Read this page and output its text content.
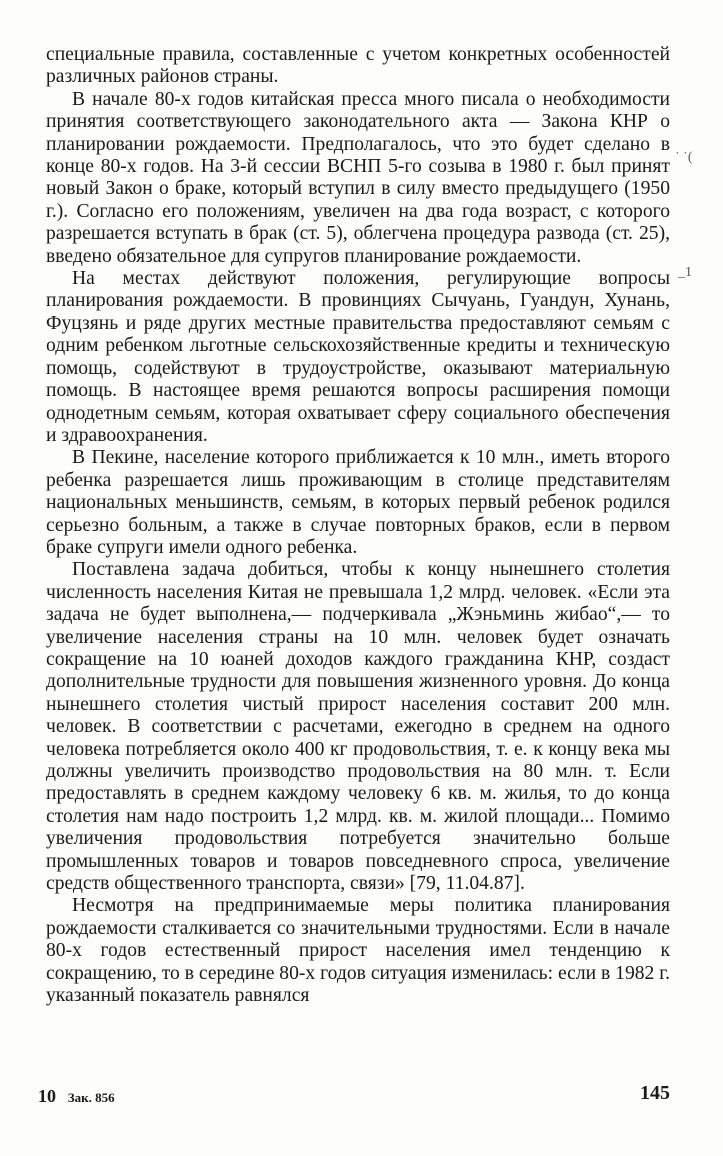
специальные правила, составленные с учетом конкретных особенностей различных районов страны.

В начале 80-х годов китайская пресса много писала о необходимости принятия соответствующего законодательного акта — Закона КНР о планировании рождаемости. Предполагалось, что это будет сделано в конце 80-х годов. На 3-й сессии ВСНП 5-го созыва в 1980 г. был принят новый Закон о браке, который вступил в силу вместо предыдущего (1950 г.). Согласно его положениям, увеличен на два года возраст, с которого разрешается вступать в брак (ст. 5), облегчена процедура развода (ст. 25), введено обязательное для супругов планирование рождаемости.

На местах действуют положения, регулирующие вопросы планирования рождаемости. В провинциях Сычуань, Гуандун, Хунань, Фуцзянь и ряде других местные правительства предоставляют семьям с одним ребенком льготные сельскохозяйственные кредиты и техническую помощь, содействуют в трудоустройстве, оказывают материальную помощь. В настоящее время решаются вопросы расширения помощи однодетным семьям, которая охватывает сферу социального обеспечения и здравоохранения.

В Пекине, население которого приближается к 10 млн., иметь второго ребенка разрешается лишь проживающим в столице представителям национальных меньшинств, семьям, в которых первый ребенок родился серьезно больным, а также в случае повторных браков, если в первом браке супруги имели одного ребенка.

Поставлена задача добиться, чтобы к концу нынешнего столетия численность населения Китая не превышала 1,2 млрд. человек. «Если эта задача не будет выполнена,— подчеркивала „Жэньминь жибао“,— то увеличение населения страны на 10 млн. человек будет означать сокращение на 10 юаней доходов каждого гражданина КНР, создаст дополнительные трудности для повышения жизненного уровня. До конца нынешнего столетия чистый прирост населения составит 200 млн. человек. В соответствии с расчетами, ежегодно в среднем на одного человека потребляется около 400 кг продовольствия, т. е. к концу века мы должны увеличить производство продовольствия на 80 млн. т. Если предоставлять в среднем каждому человеку 6 кв. м. жилья, то до конца столетия нам надо построить 1,2 млрд. кв. м. жилой площади... Помимо увеличения продовольствия потребуется значительно больше промышленных товаров и товаров повседневного спроса, увеличение средств общественного транспорта, связи» [79, 11.04.87].

Несмотря на предпринимаемые меры политика планирования рождаемости сталкивается со значительными трудностями. Если в начале 80-х годов естественный прирост населения имел тенденцию к сокращению, то в середине 80-х годов ситуация изменилась: если в 1982 г. указанный показатель равнялся

˙ ˙(
_1
10 Зак. 856	145
